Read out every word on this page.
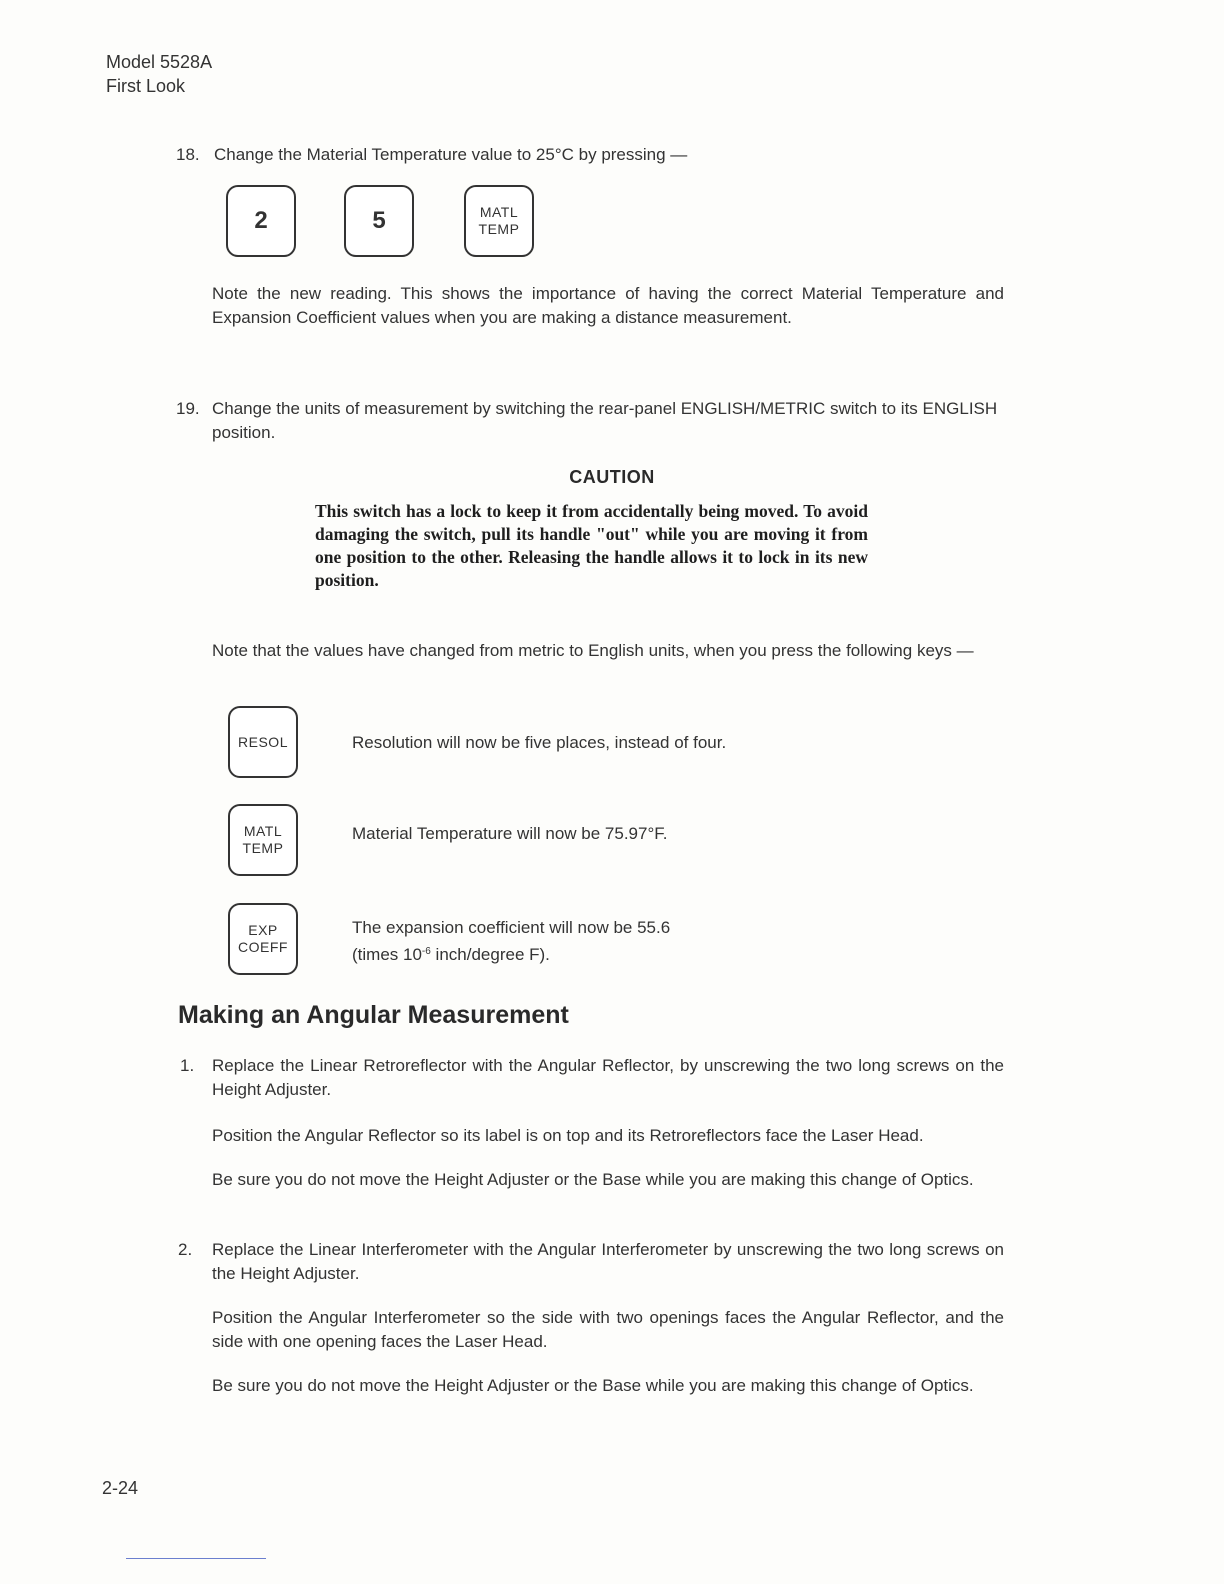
Model 5528A
First Look
18. Change the Material Temperature value to 25°C by pressing —
2	5	MATL
TEMP
Note the new reading. This shows the importance of having the correct Material Temperature and Expansion Coefficient values when you are making a distance measurement.
19. Change the units of measurement by switching the rear-panel ENGLISH/METRIC switch to its ENGLISH position.
CAUTION
This switch has a lock to keep it from accidentally being moved. To avoid damaging the switch, pull its handle "out" while you are moving it from one position to the other. Releasing the handle allows it to lock in its new position.
Note that the values have changed from metric to English units, when you press the following keys —
RESOL	Resolution will now be five places, instead of four.
MATL
TEMP
Material Temperature will now be 75.97°F.
EXP
COEFF
The expansion coefficient will now be 55.6
(times $10^{-6}$ inch/degree F).
Making an Angular Measurement
1. Replace the Linear Retroreflector with the Angular Reflector, by unscrewing the two long screws on the Height Adjuster.
Position the Angular Reflector so its label is on top and its Retroreflectors face the Laser Head.
Be sure you do not move the Height Adjuster or the Base while you are making this change of Optics.
2. Replace the Linear Interferometer with the Angular Interferometer by unscrewing the two long screws on the Height Adjuster.
Position the Angular Interferometer so the side with two openings faces the Angular Reflector, and the side with one opening faces the Laser Head.
Be sure you do not move the Height Adjuster or the Base while you are making this change of Optics.
2-24
